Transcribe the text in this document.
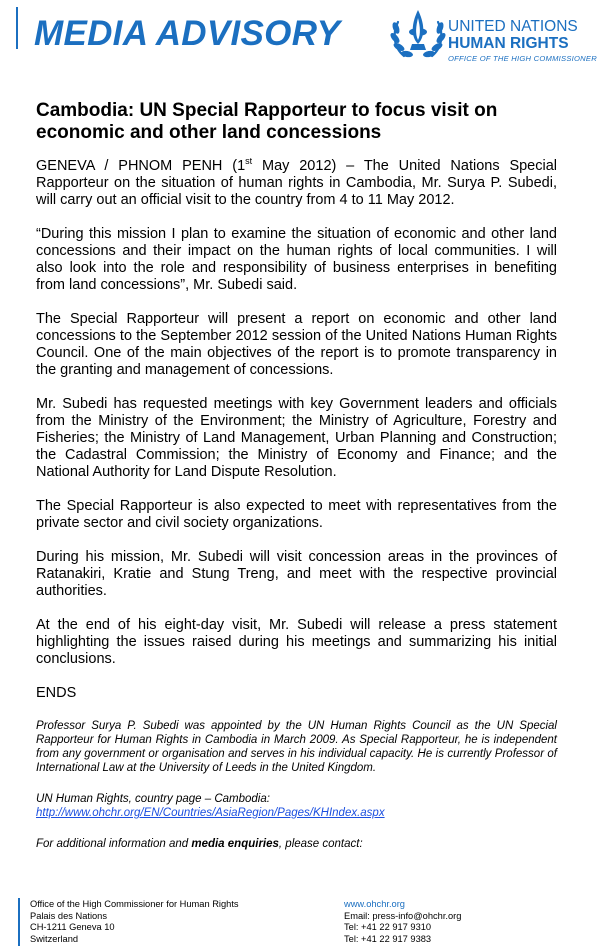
MEDIA ADVISORY	UNITED NATIONS
HUMAN RIGHTS
OFFICE OF THE HIGH COMMISSIONER
Cambodia: UN Special Rapporteur to focus visit on economic and other land concessions

GENEVA / PHNOM PENH (1st May 2012) – The United Nations Special Rapporteur on the situation of human rights in Cambodia, Mr. Surya P. Subedi, will carry out an official visit to the country from 4 to 11 May 2012.

“During this mission I plan to examine the situation of economic and other land concessions and their impact on the human rights of local communities. I will also look into the role and responsibility of business enterprises in benefiting from land concessions”, Mr. Subedi said.

The Special Rapporteur will present a report on economic and other land concessions to the September 2012 session of the United Nations Human Rights Council. One of the main objectives of the report is to promote transparency in the granting and management of concessions.

Mr. Subedi has requested meetings with key Government leaders and officials from the Ministry of the Environment; the Ministry of Agriculture, Forestry and Fisheries; the Ministry of Land Management, Urban Planning and Construction; the Cadastral Commission; the Ministry of Economy and Finance; and the National Authority for Land Dispute Resolution.

The Special Rapporteur is also expected to meet with representatives from the private sector and civil society organizations.

During his mission, Mr. Subedi will visit concession areas in the provinces of Ratanakiri, Kratie and Stung Treng, and meet with the respective provincial authorities.

At the end of his eight-day visit, Mr. Subedi will release a press statement highlighting the issues raised during his meetings and summarizing his initial conclusions.

ENDS

Professor Surya P. Subedi was appointed by the UN Human Rights Council as the UN Special Rapporteur for Human Rights in Cambodia in March 2009. As Special Rapporteur, he is independent from any government or organisation and serves in his individual capacity. He is currently Professor of International Law at the University of Leeds in the United Kingdom.

UN Human Rights, country page – Cambodia:
http://www.ohchr.org/EN/Countries/AsiaRegion/Pages/KHIndex.aspx

For additional information and media enquiries, please contact:

Office of the High Commissioner for Human Rights
Palais des Nations
CH-1211 Geneva 10
Switzerland
www.ohchr.org
Email: press-info@ohchr.org
Tel: +41 22 917 9310
Tel: +41 22 917 9383
